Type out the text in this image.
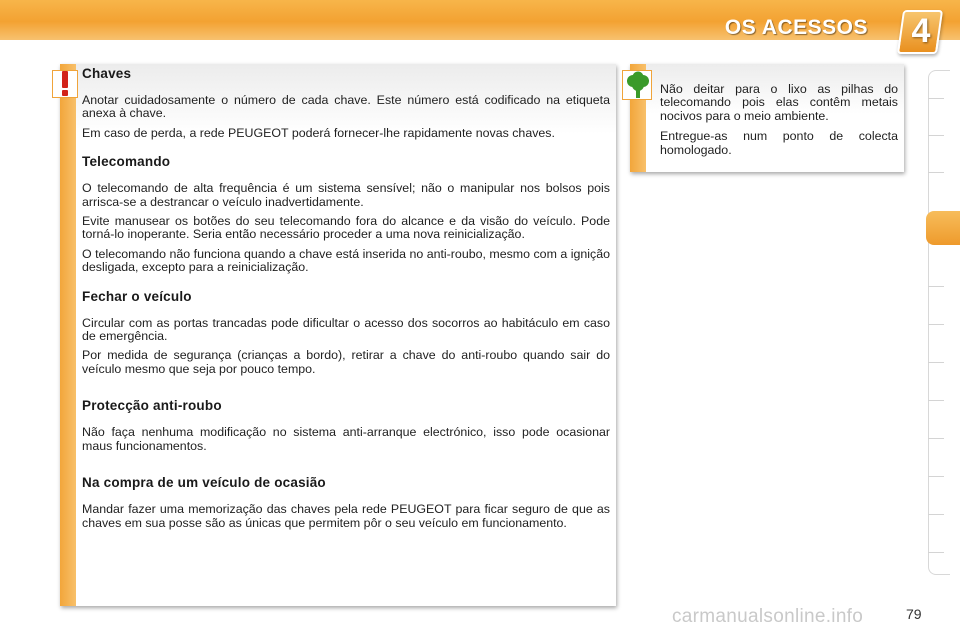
OS ACESSOS 4
Chaves

Anotar cuidadosamente o número de cada chave. Este número está codificado na etiqueta anexa à chave.

Em caso de perda, a rede PEUGEOT poderá fornecer-lhe rapidamente novas chaves.

Telecomando

O telecomando de alta frequência é um sistema sensível; não o manipular nos bolsos pois arrisca-se a destrancar o veículo inadvertidamente.

Evite manusear os botões do seu telecomando fora do alcance e da visão do veículo. Pode torná-lo inoperante. Seria então necessário proceder a uma nova reinicialização.

O telecomando não funciona quando a chave está inserida no anti-roubo, mesmo com a ignição desligada, excepto para a reinicialização.

Fechar o veículo

Circular com as portas trancadas pode dificultar o acesso dos socorros ao habitáculo em caso de emergência.

Por medida de segurança (crianças a bordo), retirar a chave do anti-roubo quando sair do veículo mesmo que seja por pouco tempo.

Protecção anti-roubo

Não faça nenhuma modificação no sistema anti-arranque electrónico, isso pode ocasionar maus funcionamentos.

Na compra de um veículo de ocasião

Mandar fazer uma memorização das chaves pela rede PEUGEOT para ficar seguro de que as chaves em sua posse são as únicas que permitem pôr o seu veículo em funcionamento.

Não deitar para o lixo as pilhas do telecomando pois elas contêm metais nocivos para o meio ambiente.

Entregue-as num ponto de colecta homologado.

carmanualsonline.info	79
